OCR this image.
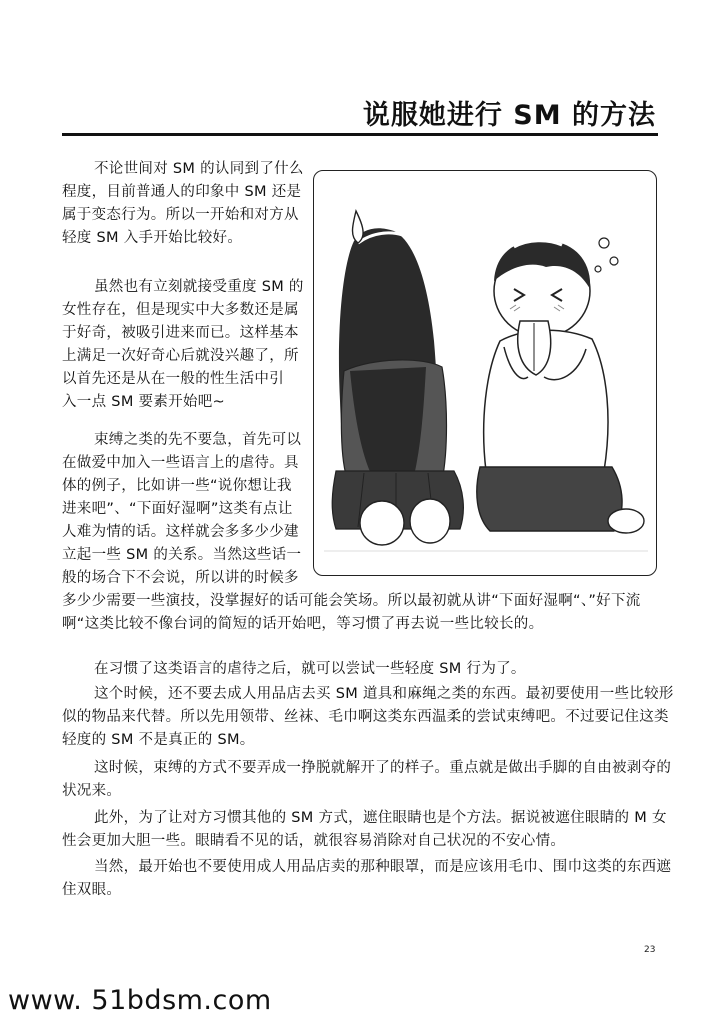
说服她进行 SM 的方法
不论世间对 SM 的认同到了什么
程度，目前普通人的印象中 SM 还是
属于变态行为。所以一开始和对方从
轻度 SM 入手开始比较好。
虽然也有立刻就接受重度 SM 的
女性存在，但是现实中大多数还是属
于好奇，被吸引进来而已。这样基本
上满足一次好奇心后就没兴趣了，所
以首先还是从在一般的性生活中引
入一点 SM 要素开始吧~
束缚之类的先不要急，首先可以
在做爱中加入一些语言上的虐待。具
体的例子，比如讲一些“说你想让我
进来吧”、“下面好湿啊”这类有点让
人难为情的话。这样就会多多少少建
立起一些 SM 的关系。当然这些话一
般的场合下不会说，所以讲的时候多
多少少需要一些演技，没掌握好的话可能会笑场。所以最初就从讲“下面好湿啊“、”好下流
啊“这类比较不像台词的简短的话开始吧，等习惯了再去说一些比较长的。
在习惯了这类语言的虐待之后，就可以尝试一些轻度 SM 行为了。
这个时候，还不要去成人用品店去买 SM 道具和麻绳之类的东西。最初要使用一些比较形
似的物品来代替。所以先用领带、丝袜、毛巾啊这类东西温柔的尝试束缚吧。不过要记住这类
轻度的 SM 不是真正的 SM。
这时候，束缚的方式不要弄成一挣脱就解开了的样子。重点就是做出手脚的自由被剥夺的
状况来。
此外，为了让对方习惯其他的 SM 方式，遮住眼睛也是个方法。据说被遮住眼睛的 M 女
性会更加大胆一些。眼睛看不见的话，就很容易消除对自己状况的不安心情。
当然，最开始也不要使用成人用品店卖的那种眼罩，而是应该用毛巾、围巾这类的东西遮
住双眼。
23
www. 51bdsm.com
